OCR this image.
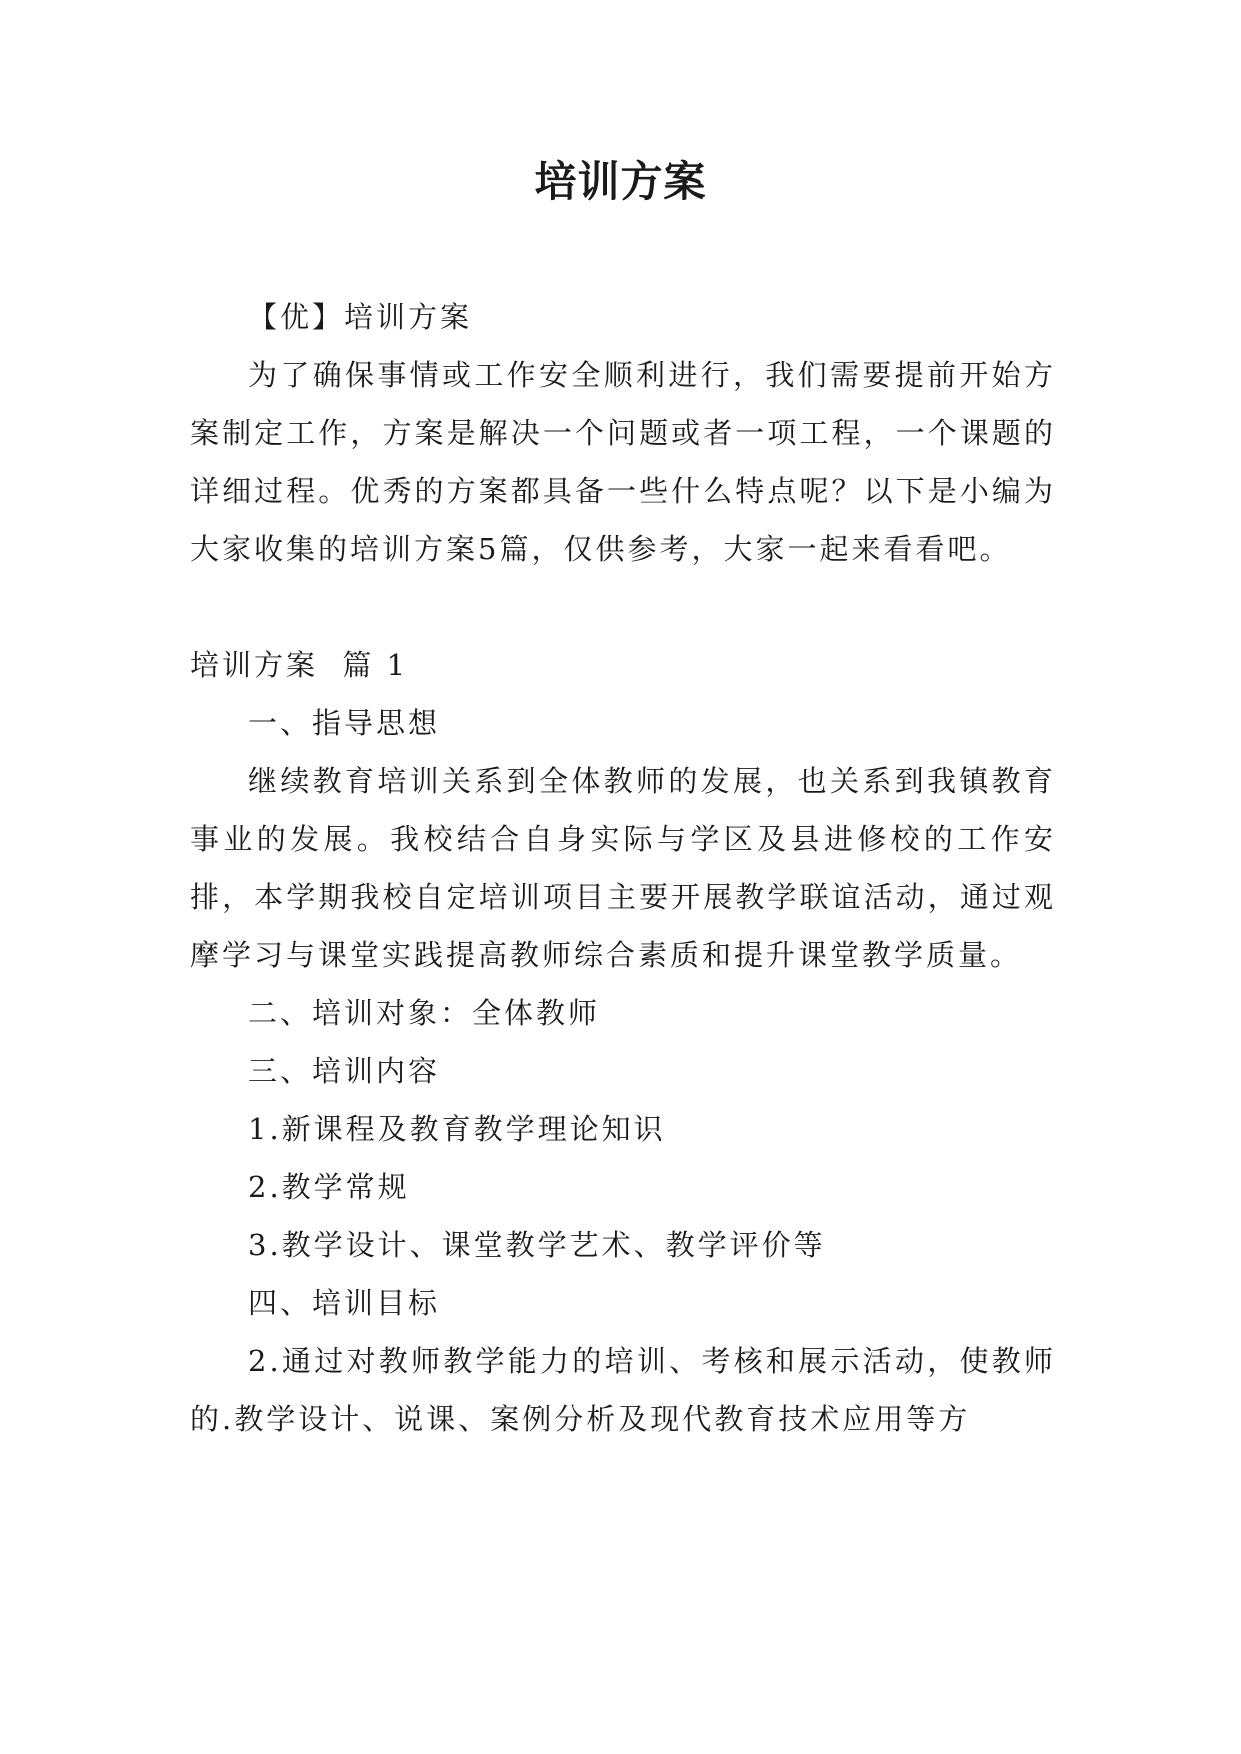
培训方案

【优】培训方案

为了确保事情或工作安全顺利进行，我们需要提前开始方案制定工作，方案是解决一个问题或者一项工程，一个课题的详细过程。优秀的方案都具备一些什么特点呢？以下是小编为大家收集的培训方案5篇，仅供参考，大家一起来看看吧。

培训方案  篇 1

一、指导思想

继续教育培训关系到全体教师的发展，也关系到我镇教育事业的发展。我校结合自身实际与学区及县进修校的工作安排，本学期我校自定培训项目主要开展教学联谊活动，通过观摩学习与课堂实践提高教师综合素质和提升课堂教学质量。

二、培训对象：全体教师

三、培训内容

1.新课程及教育教学理论知识

2.教学常规

3.教学设计、课堂教学艺术、教学评价等

四、培训目标

2.通过对教师教学能力的培训、考核和展示活动，使教师的.教学设计、说课、案例分析及现代教育技术应用等方
